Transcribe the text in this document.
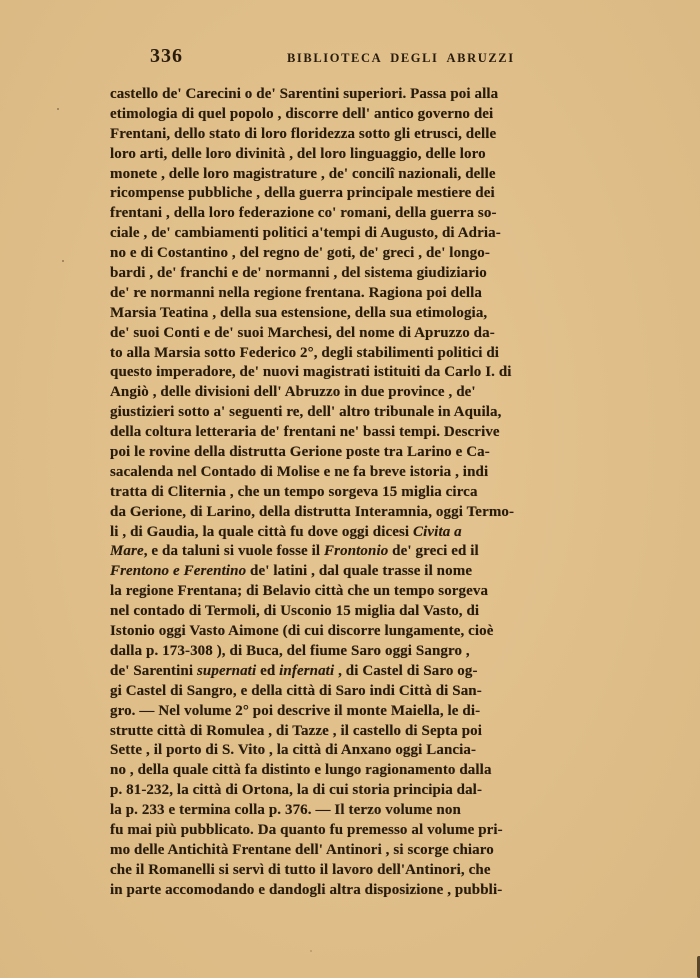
336	BIBLIOTECA DEGLI ABRUZZI
castello de' Carecini o de' Sarentini superiori. Passa poi alla
etimologia di quel popolo , discorre dell' antico governo dei
Frentani, dello stato di loro floridezza sotto gli etrusci, delle
loro arti, delle loro divinità , del loro linguaggio, delle loro
monete , delle loro magistrature , de' concilî nazionali, delle
ricompense pubbliche , della guerra principale mestiere dei
frentani , della loro federazione co' romani, della guerra so-
ciale , de' cambiamenti politici a'tempi di Augusto, di Adria-
no e di Costantino , del regno de' goti, de' greci , de' longo-
bardi , de' franchi e de' normanni , del sistema giudiziario
de' re normanni nella regione frentana. Ragiona poi della
Marsia Teatina , della sua estensione, della sua etimologia,
de' suoi Conti e de' suoi Marchesi, del nome di Apruzzo da-
to alla Marsia sotto Federico 2°, degli stabilimenti politici di
questo imperadore, de' nuovi magistrati istituiti da Carlo I. di
Angiò , delle divisioni dell' Abruzzo in due province , de'
giustizieri sotto a' seguenti re, dell' altro tribunale in Aquila,
della coltura letteraria de' frentani ne' bassi tempi. Descrive
poi le rovine della distrutta Gerione poste tra Larino e Ca-
sacalenda nel Contado di Molise e ne fa breve istoria , indi
tratta di Cliternia , che un tempo sorgeva 15 miglia circa
da Gerione, di Larino, della distrutta Interamnia, oggi Termo-
li , di Gaudia, la quale città fu dove oggi dicesi Civita a
Mare, e da taluni si vuole fosse il Frontonio de' greci ed il
Frentono e Ferentino de' latini , dal quale trasse il nome
la regione Frentana; di Belavio città che un tempo sorgeva
nel contado di Termoli, di Usconio 15 miglia dal Vasto, di
Istonio oggi Vasto Aimone (di cui discorre lungamente, cioè
dalla p. 173-308 ), di Buca, del fiume Saro oggi Sangro ,
de' Sarentini supernati ed infernati , di Castel di Saro og-
gi Castel di Sangro, e della città di Saro indi Città di San-
gro. — Nel volume 2° poi descrive il monte Maiella, le di-
strutte città di Romulea , di Tazze , il castello di Septa poi
Sette , il porto di S. Vito , la città di Anxano oggi Lancia-
no , della quale città fa distinto e lungo ragionamento dalla
p. 81-232, la città di Ortona, la di cui storia principia dal-
la p. 233 e termina colla p. 376. — Il terzo volume non
fu mai più pubblicato. Da quanto fu premesso al volume pri-
mo delle Antichità Frentane dell' Antinori , si scorge chiaro
che il Romanelli si servì di tutto il lavoro dell'Antinori, che
in parte accomodando e dandogli altra disposizione , pubbli-
